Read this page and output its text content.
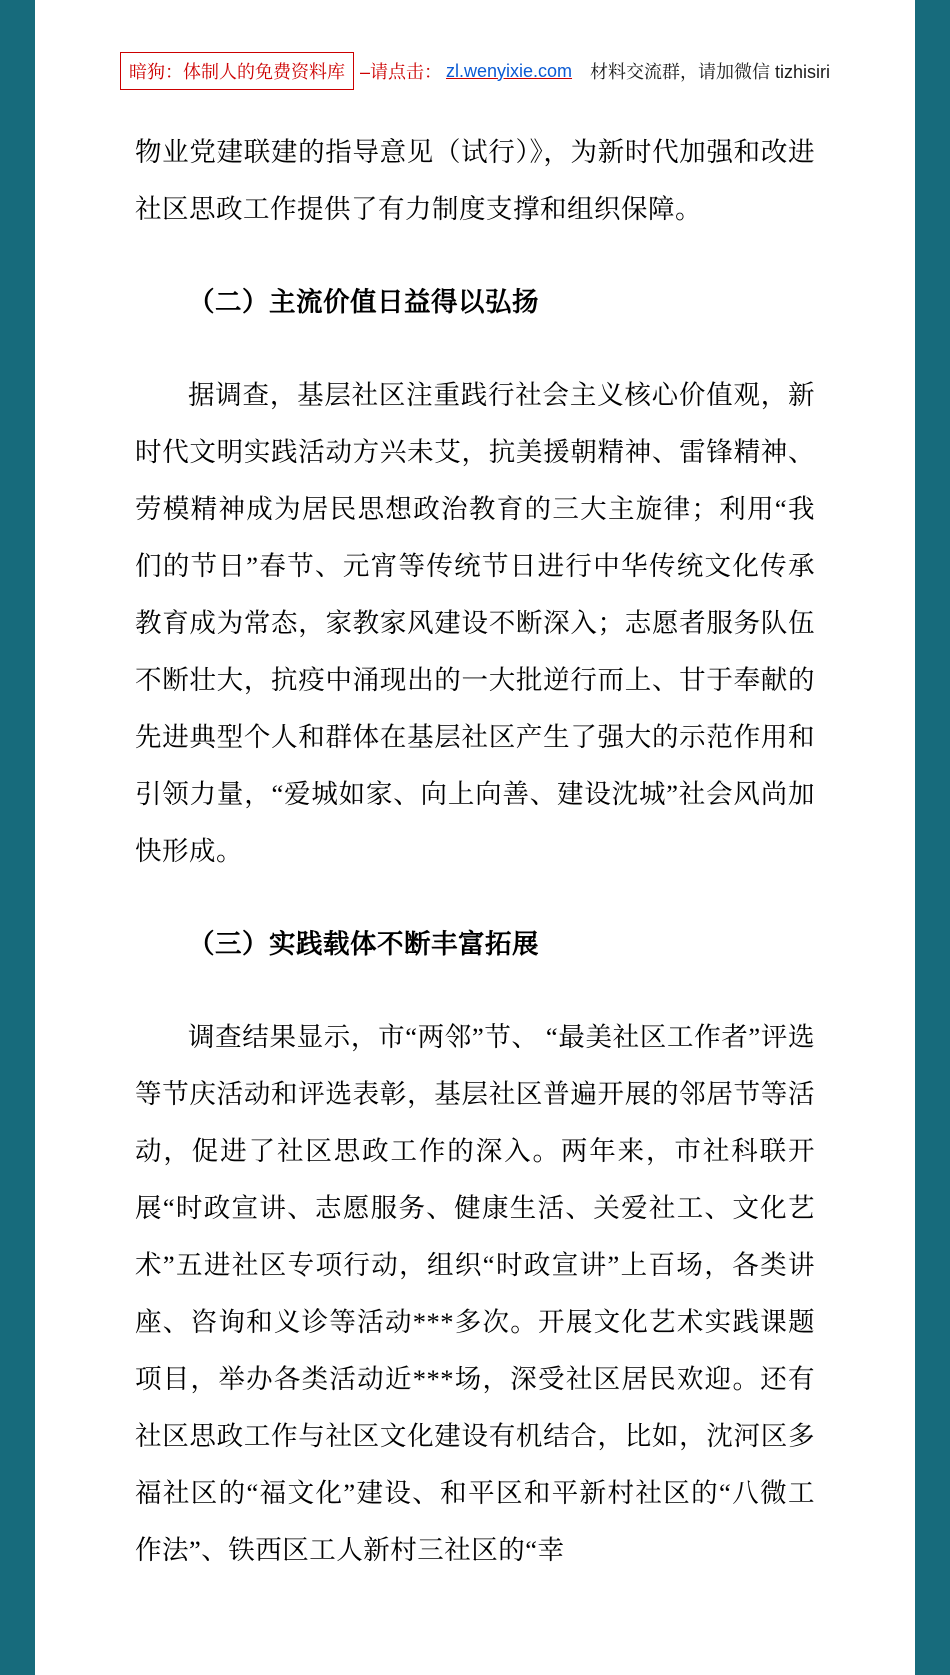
暗狗：体制人的免费资料库 –请点击： zl.wenyixie.com 材料交流群，请加微信 tizhisiri

物业党建联建的指导意见（试行）》，为新时代加强和改进社区思政工作提供了有力制度支撑和组织保障。

（二）主流价值日益得以弘扬

据调查，基层社区注重践行社会主义核心价值观，新时代文明实践活动方兴未艾，抗美援朝精神、雷锋精神、劳模精神成为居民思想政治教育的三大主旋律；利用“我们的节日”春节、元宵等传统节日进行中华传统文化传承教育成为常态，家教家风建设不断深入；志愿者服务队伍不断壮大，抗疫中涌现出的一大批逆行而上、甘于奉献的先进典型个人和群体在基层社区产生了强大的示范作用和引领力量，“爱城如家、向上向善、建设沈城”社会风尚加快形成。

（三）实践载体不断丰富拓展

调查结果显示，市“两邻”节、 “最美社区工作者”评选等节庆活动和评选表彰，基层社区普遍开展的邻居节等活动，促进了社区思政工作的深入。两年来，市社科联开展“时政宣讲、志愿服务、健康生活、关爱社工、文化艺术”五进社区专项行动，组织“时政宣讲”上百场，各类讲座、咨询和义诊等活动***多次。开展文化艺术实践课题项目，举办各类活动近***场，深受社区居民欢迎。还有社区思政工作与社区文化建设有机结合，比如，沈河区多福社区的“福文化”建设、和平区和平新村社区的“八微工作法”、铁西区工人新村三社区的“幸
